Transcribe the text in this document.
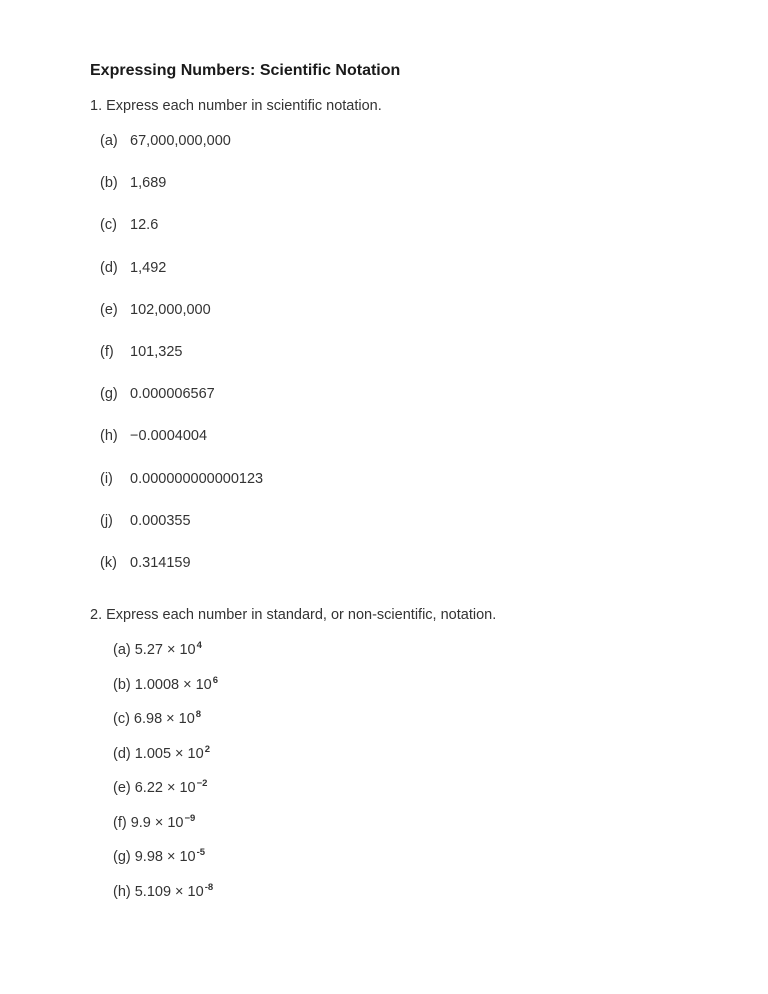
Expressing Numbers: Scientific Notation
1. Express each number in scientific notation.
(a) 67,000,000,000
(b) 1,689
(c) 12.6
(d) 1,492
(e) 102,000,000
(f) 101,325
(g) 0.000006567
(h) −0.0004004
(i) 0.000000000000123
(j) 0.000355
(k) 0.314159
2. Express each number in standard, or non-scientific, notation.
(a) $5.27 \times 10^4$
(b) $1.0008 \times 10^6$
(c) $6.98 \times 10^8$
(d) $1.005 \times 10^2$
(e) $6.22 \times 10^{-2}$
(f) $9.9 \times 10^{-9}$
(g) $9.98 \times 10^{-5}$
(h) $5.109 \times 10^{-8}$
